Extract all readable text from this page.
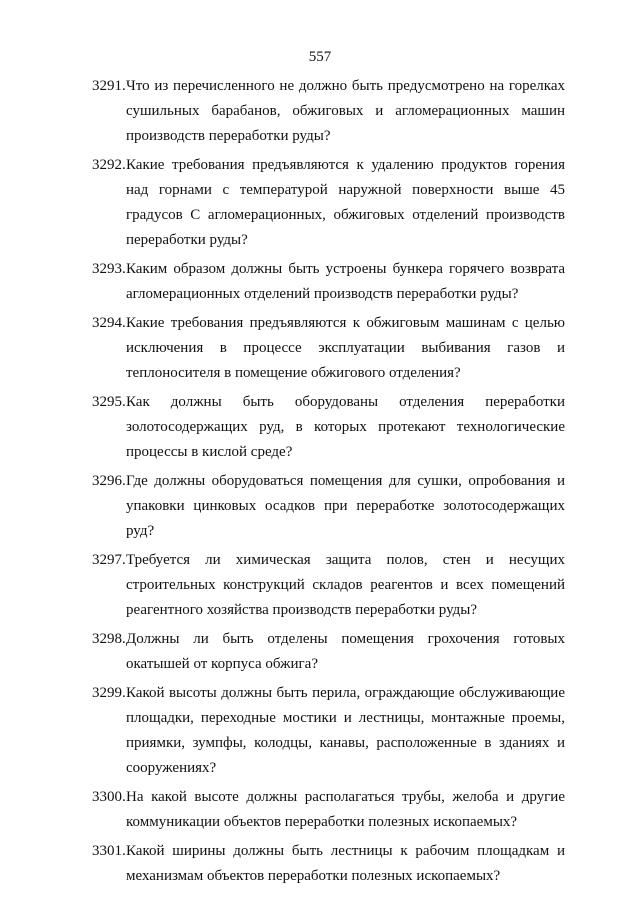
557
3291. Что из перечисленного не должно быть предусмотрено на горелках сушильных барабанов, обжиговых и агломерационных машин производств переработки руды?
3292. Какие требования предъявляются к удалению продуктов горения над горнами с температурой наружной поверхности выше 45 градусов С агломерационных, обжиговых отделений производств переработки руды?
3293. Каким образом должны быть устроены бункера горячего возврата агломерационных отделений производств переработки руды?
3294. Какие требования предъявляются к обжиговым машинам с целью исключения в процессе эксплуатации выбивания газов и теплоносителя в помещение обжигового отделения?
3295. Как должны быть оборудованы отделения переработки золотосодержащих руд, в которых протекают технологические процессы в кислой среде?
3296. Где должны оборудоваться помещения для сушки, опробования и упаковки цинковых осадков при переработке золотосодержащих руд?
3297. Требуется ли химическая защита полов, стен и несущих строительных конструкций складов реагентов и всех помещений реагентного хозяйства производств переработки руды?
3298. Должны ли быть отделены помещения грохочения готовых окатышей от корпуса обжига?
3299. Какой высоты должны быть перила, ограждающие обслуживающие площадки, переходные мостики и лестницы, монтажные проемы, приямки, зумпфы, колодцы, канавы, расположенные в зданиях и сооружениях?
3300. На какой высоте должны располагаться трубы, желоба и другие коммуникации объектов переработки полезных ископаемых?
3301. Какой ширины должны быть лестницы к рабочим площадкам и механизмам объектов переработки полезных ископаемых?
